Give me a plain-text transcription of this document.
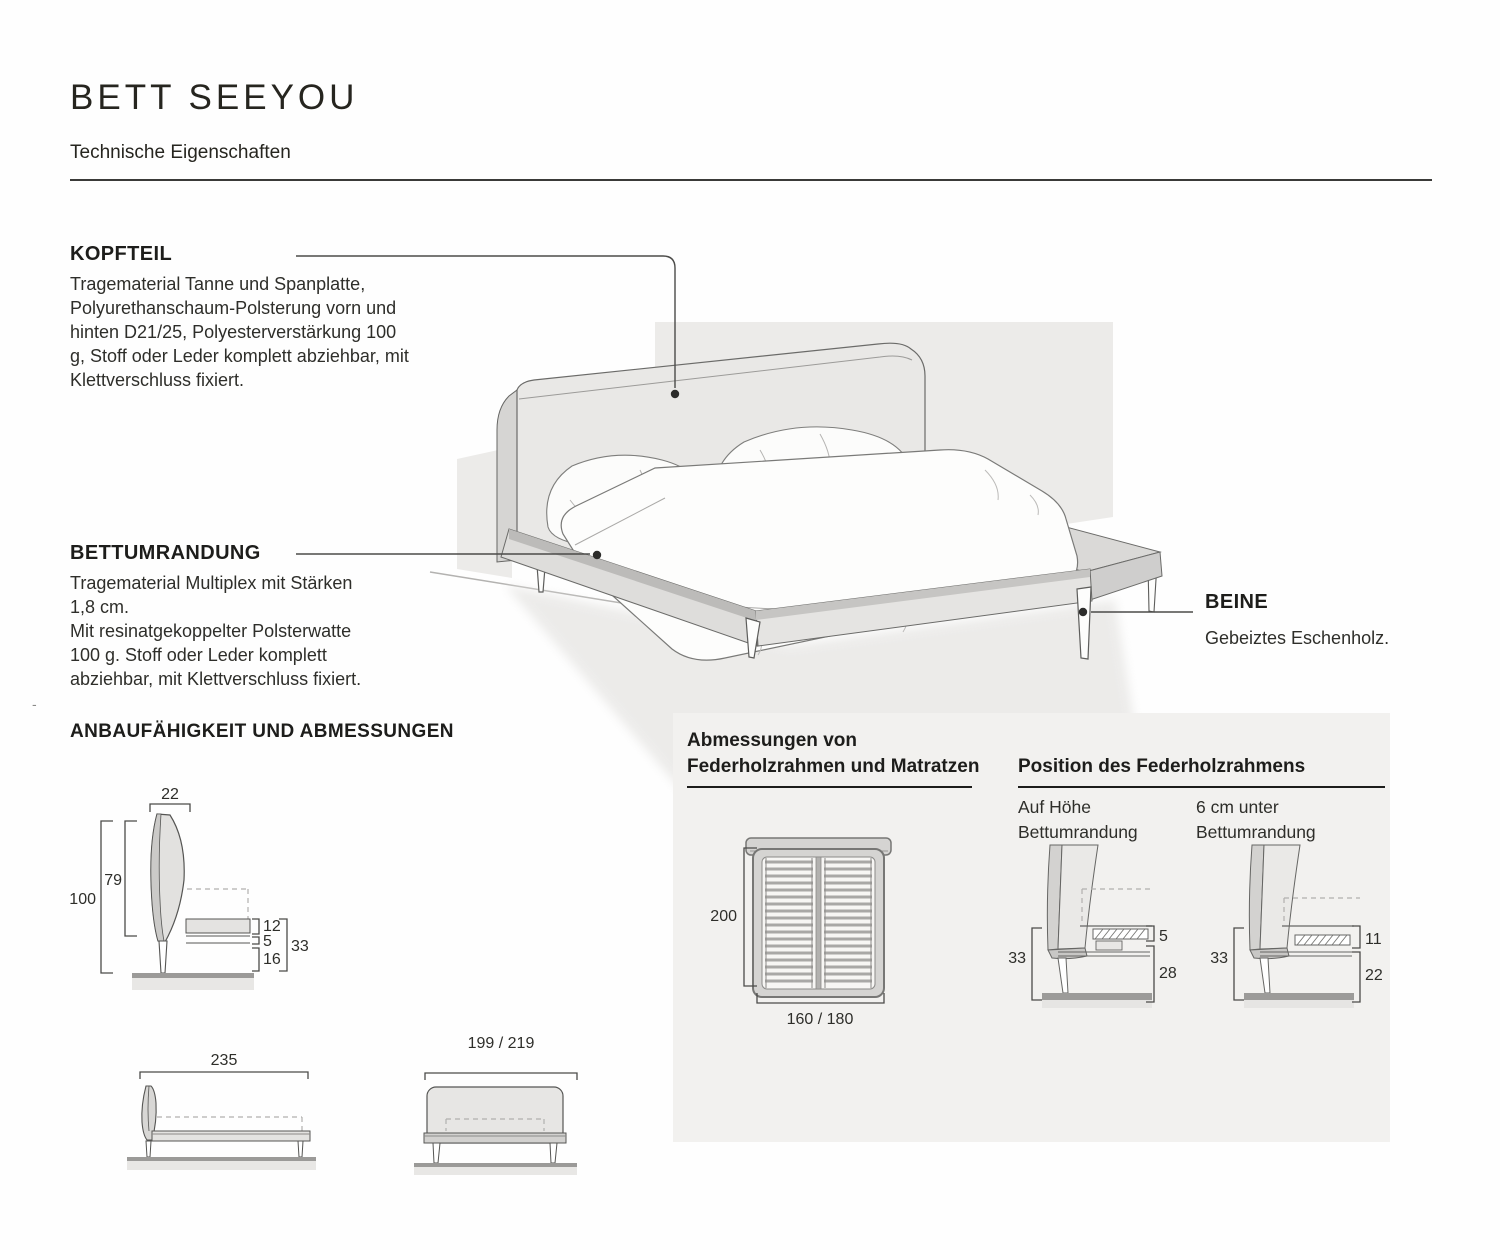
BETT SEEYOU
Technische Eigenschaften
KOPFTEIL
Tragematerial Tanne und Spanplatte, Polyurethanschaum-Polsterung vorn und hinten D21/25, Polyesterverstärkung 100 g, Stoff oder Leder komplett abziehbar, mit Klettverschluss fixiert.
BETTUMRANDUNG
Tragematerial Multiplex mit Stärken 1,8 cm.
Mit resinatgekoppelter Polsterwatte 100 g. Stoff oder Leder komplett abziehbar, mit Klettverschluss fixiert.
BEINE
Gebeiztes Eschenholz.
-
ANBAUFÄHIGKEIT UND ABMESSUNGEN
22
100
79
12
5
16
33
235
199 / 219
Abmessungen von
Federholzrahmen und Matratzen Position des Federholzrahmens
Auf Höhe
Bettumrandung
6 cm unter
Bettumrandung
200
160 / 180
33
5
28
33
11
22
